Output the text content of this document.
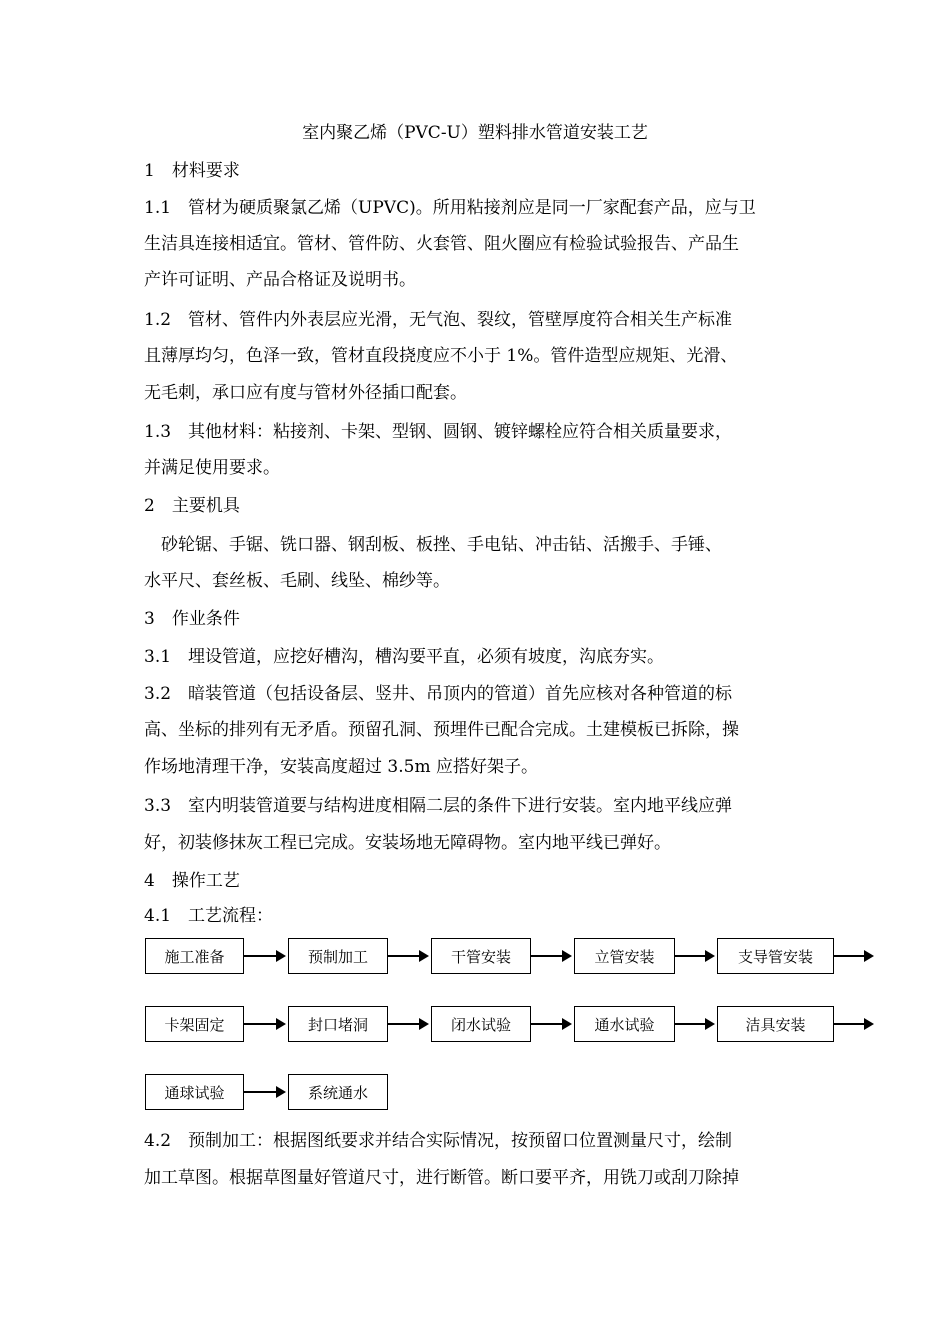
室内聚乙烯（PVC-U）塑料排水管道安装工艺
1　材料要求
1.1　管材为硬质聚氯乙烯（UPVC)。所用粘接剂应是同一厂家配套产品，应与卫
生洁具连接相适宜。管材、管件防、火套管、阻火圈应有检验试验报告、产品生
产许可证明、产品合格证及说明书。
1.2　管材、管件内外表层应光滑，无气泡、裂纹，管壁厚度符合相关生产标准
且薄厚均匀，色泽一致，管材直段挠度应不小于 1%。管件造型应规矩、光滑、
无毛刺，承口应有度与管材外径插口配套。
1.3　其他材料：粘接剂、卡架、型钢、圆钢、镀锌螺栓应符合相关质量要求，
并满足使用要求。
2　主要机具
　砂轮锯、手锯、铣口器、钢刮板、板挫、手电钻、冲击钻、活搬手、手锤、
水平尺、套丝板、毛刷、线坠、棉纱等。
3　作业条件
3.1　埋设管道，应挖好槽沟，槽沟要平直，必须有坡度，沟底夯实。
3.2　暗装管道（包括设备层、竖井、吊顶内的管道）首先应核对各种管道的标
高、坐标的排列有无矛盾。预留孔洞、预埋件已配合完成。土建模板已拆除，操
作场地清理干净，安装高度超过 3.5m 应搭好架子。
3.3　室内明装管道要与结构进度相隔二层的条件下进行安装。室内地平线应弹
好，初装修抹灰工程已完成。安装场地无障碍物。室内地平线已弹好。
4　操作工艺
4.1　工艺流程：
施工准备	预制加工	干管安装	立管安装	支导管安装
卡架固定	封口堵洞	闭水试验	通水试验	洁具安装
通球试验	系统通水
4.2　预制加工：根据图纸要求并结合实际情况，按预留口位置测量尺寸，绘制
加工草图。根据草图量好管道尺寸，进行断管。断口要平齐，用铣刀或刮刀除掉
